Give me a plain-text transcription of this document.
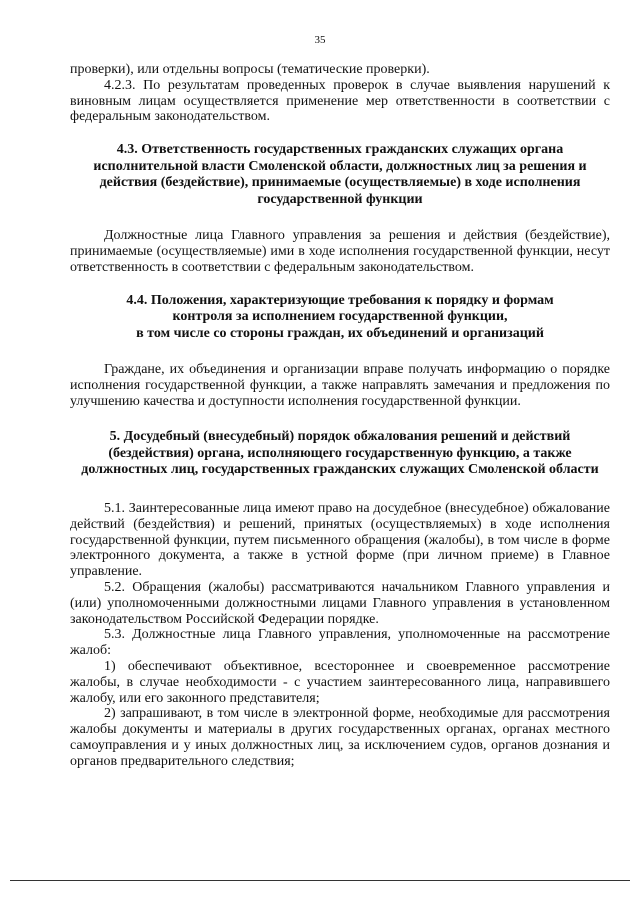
35

проверки), или отдельны вопросы (тематические проверки).

4.2.3. По результатам проведенных проверок в случае выявления нарушений к виновным лицам осуществляется применение мер ответственности в соответствии с федеральным законодательством.

4.3. Ответственность государственных гражданских служащих органа исполнительной власти Смоленской области, должностных лиц за решения и действия (бездействие), принимаемые (осуществляемые) в ходе исполнения государственной функции

Должностные лица Главного управления за решения и действия (бездействие), принимаемые (осуществляемые) ими в ходе исполнения государственной функции, несут ответственность в соответствии с федеральным законодательством.

4.4. Положения, характеризующие требования к порядку и формам
контроля за исполнением государственной функции,
в том числе со стороны граждан, их объединений и организаций

Граждане, их объединения и организации вправе получать информацию о порядке исполнения государственной функции, а также направлять замечания и предложения по улучшению качества и доступности исполнения государственной функции.

5. Досудебный (внесудебный) порядок обжалования решений и действий (бездействия) органа, исполняющего государственную функцию, а также должностных лиц, государственных гражданских служащих Смоленской области

5.1. Заинтересованные лица имеют право на досудебное (внесудебное) обжалование действий (бездействия) и решений, принятых (осуществляемых) в ходе исполнения государственной функции, путем письменного обращения (жалобы), в том числе в форме электронного документа, а также в устной форме (при личном приеме) в Главное управление.

5.2. Обращения (жалобы) рассматриваются начальником Главного управления и (или) уполномоченными должностными лицами Главного управления в установленном законодательством Российской Федерации порядке.

5.3. Должностные лица Главного управления, уполномоченные на рассмотрение жалоб:

1) обеспечивают объективное, всестороннее и своевременное рассмотрение жалобы, в случае необходимости - с участием заинтересованного лица, направившего жалобу, или его законного представителя;

2) запрашивают, в том числе в электронной форме, необходимые для рассмотрения жалобы документы и материалы в других государственных органах, органах местного самоуправления и у иных должностных лиц, за исключением судов, органов дознания и органов предварительного следствия;
